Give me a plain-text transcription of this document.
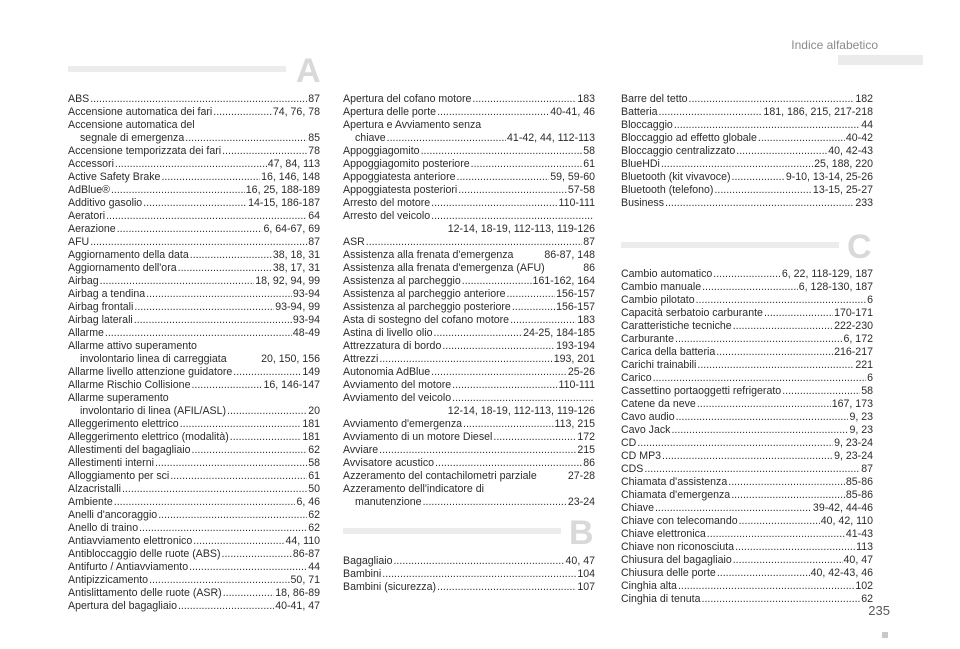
Indice alfabetico
A
B
C
ABS .....	87
Accensione automatica dei fari .....	74, 76, 78
Accensione automatica del
segnale di emergenza .....	85
Accensione temporizzata dei fari .....	78
Accessori .....	47, 84, 113
Active Safety Brake .....	16, 146, 148
AdBlue® .....	16, 25, 188-189
Additivo gasolio .....	14-15, 186-187
Aeratori .....	64
Aerazione .....	6, 64-67, 69
AFU .....	87
Aggiornamento della data .....	38, 18, 31
Aggiornamento dell'ora .....	38, 17, 31
Airbag .....	18, 92, 94, 99
Airbag a tendina .....	93-94
Airbag frontali .....	93-94, 99
Airbag laterali .....	93-94
Allarme .....	48-49
Allarme attivo superamento
involontario linea di carreggiata	20, 150, 156
Allarme livello attenzione guidatore .....	149
Allarme Rischio Collisione .....	16, 146-147
Allarme superamento
involontario di linea (AFIL/ASL) .....	20
Alleggerimento elettrico .....	181
Alleggerimento elettrico (modalità) .....	181
Allestimenti del bagagliaio .....	62
Allestimenti interni .....	58
Alloggiamento per sci .....	61
Alzacristalli .....	50
Ambiente .....	6, 46
Anelli d'ancoraggio .....	62
Anello di traino .....	62
Antiavviamento elettronico .....	44, 110
Antibloccaggio delle ruote (ABS) .....	86-87
Antifurto / Antiavviamento .....	44
Antipizzicamento .....	50, 71
Antislittamento delle ruote (ASR) .....	18, 86-89
Apertura del bagagliaio .....	40-41, 47
Apertura del cofano motore .....	183
Apertura delle porte .....	40-41, 46
Apertura e Avviamento senza
chiave .....	41-42, 44, 112-113
Appoggiagomito .....	58
Appoggiagomito posteriore .....	61
Appoggiatesta anteriore .....	59, 59-60
Appoggiatesta posteriori .....	57-58
Arresto del motore .....	110-111
Arresto del veicolo
.....
12-14, 18-19, 112-113, 119-126
ASR .....	87
Assistenza alla frenata d'emergenza	86-87, 148
Assistenza alla frenata d'emergenza (AFU)	86
Assistenza al parcheggio .....	161-162, 164
Assistenza al parcheggio anteriore .....	156-157
Assistenza al parcheggio posteriore .....	156-157
Asta di sostegno del cofano motore .....	183
Astina di livello olio .....	24-25, 184-185
Attrezzatura di bordo .....	193-194
Attrezzi .....	193, 201
Autonomia AdBlue .....	25-26
Avviamento del motore .....	110-111
Avviamento del veicolo
.....
12-14, 18-19, 112-113, 119-126
Avviamento d'emergenza .....	113, 215
Avviamento di un motore Diesel .....	172
Avviare .....	215
Avvisatore acustico .....	86
Azzeramento del contachilometri parziale	27-28
Azzeramento dell'indicatore di
manutenzione .....	23-24
Bagagliaio .....	40, 47
Bambini .....	104
Bambini (sicurezza) .....	107
Barre del tetto .....	182
Batteria .....	181, 186, 215, 217-218
Bloccaggio .....	44
Bloccaggio ad effetto globale .....	40-42
Bloccaggio centralizzato .....	40, 42-43
BlueHDi .....	25, 188, 220
Bluetooth (kit vivavoce) .....	9-10, 13-14, 25-26
Bluetooth (telefono) .....	13-15, 25-27
Business .....	233
Cambio automatico .....	6, 22, 118-129, 187
Cambio manuale .....	6, 128-130, 187
Cambio pilotato .....	6
Capacità serbatoio carburante .....	170-171
Caratteristiche tecniche .....	222-230
Carburante .....	6, 172
Carica della batteria .....	216-217
Carichi trainabili .....	221
Carico .....	6
Cassettino portaoggetti refrigerato .....	58
Catene da neve .....	167, 173
Cavo audio .....	9, 23
Cavo Jack .....	9, 23
CD .....	9, 23-24
CD MP3 .....	9, 23-24
CDS .....	87
Chiamata d'assistenza .....	85-86
Chiamata d'emergenza .....	85-86
Chiave .....	39-42, 44-46
Chiave con telecomando .....	40, 42, 110
Chiave elettronica .....	41-43
Chiave non riconosciuta .....	113
Chiusura del bagagliaio .....	40, 47
Chiusura delle porte .....	40, 42-43, 46
Cinghia alta .....	102
Cinghia di tenuta .....	62
235
